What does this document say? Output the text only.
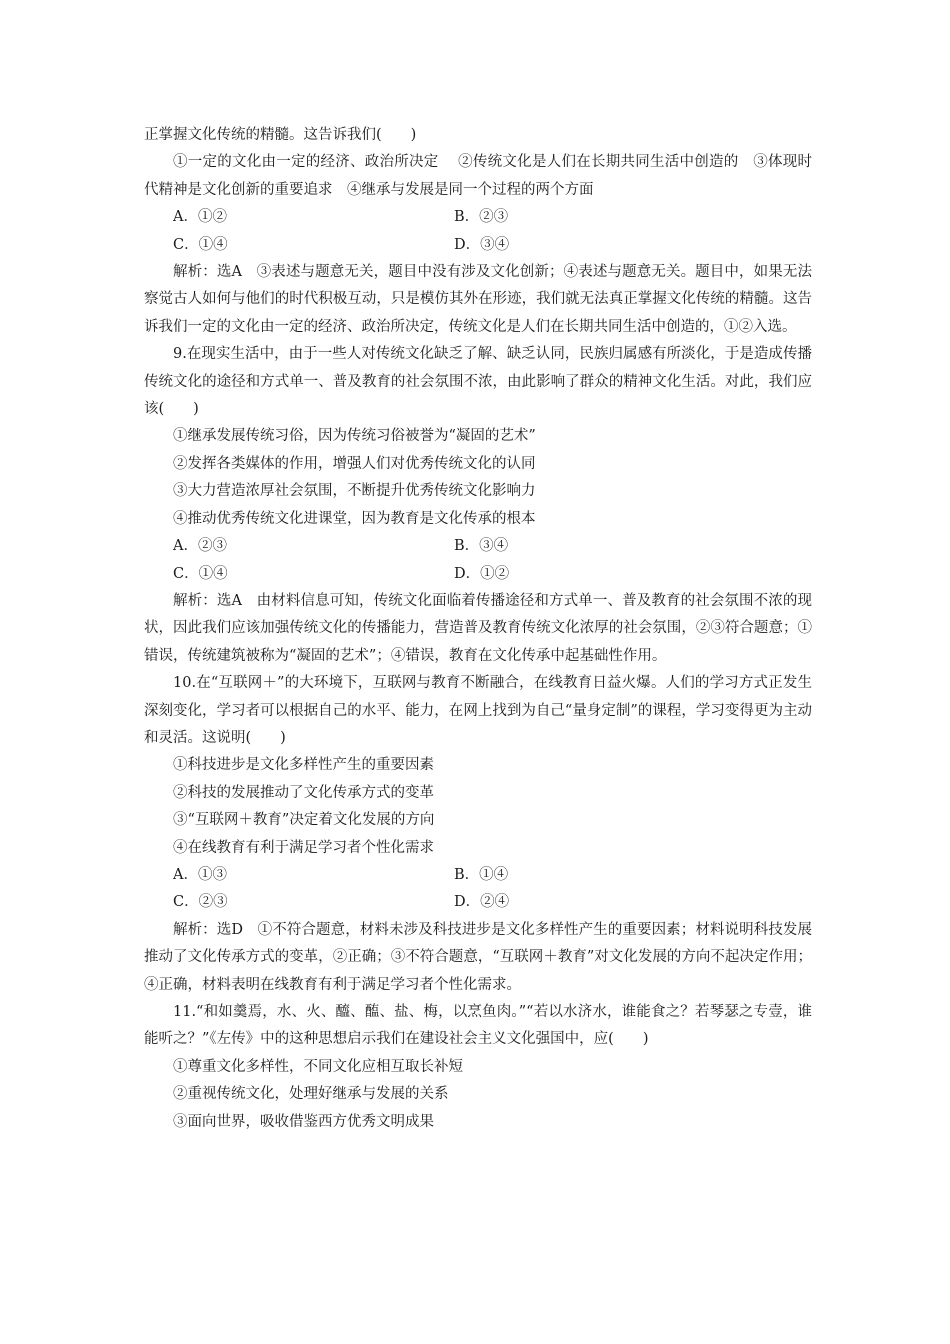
正掌握文化传统的精髓。这告诉我们(　　)

①一定的文化由一定的经济、政治所决定　 ②传统文化是人们在长期共同生活中创造的　③体现时代精神是文化创新的重要追求　④继承与发展是同一个过程的两个方面

A．①②	B．②③
C．①④	D．③④

解析：选A　③表述与题意无关，题目中没有涉及文化创新；④表述与题意无关。题目中，如果无法察觉古人如何与他们的时代积极互动，只是模仿其外在形迹，我们就无法真正掌握文化传统的精髓。这告诉我们一定的文化由一定的经济、政治所决定，传统文化是人们在长期共同生活中创造的，①②入选。

9.在现实生活中，由于一些人对传统文化缺乏了解、缺乏认同，民族归属感有所淡化，于是造成传播传统文化的途径和方式单一、普及教育的社会氛围不浓，由此影响了群众的精神文化生活。对此，我们应该(　　)

①继承发展传统习俗，因为传统习俗被誉为“凝固的艺术”

②发挥各类媒体的作用，增强人们对优秀传统文化的认同

③大力营造浓厚社会氛围，不断提升优秀传统文化影响力

④推动优秀传统文化进课堂，因为教育是文化传承的根本

A．②③	B．③④
C．①④	D．①②

解析：选A　由材料信息可知，传统文化面临着传播途径和方式单一、普及教育的社会氛围不浓的现状，因此我们应该加强传统文化的传播能力，营造普及教育传统文化浓厚的社会氛围，②③符合题意；①错误，传统建筑被称为“凝固的艺术”；④错误，教育在文化传承中起基础性作用。

10.在“互联网＋”的大环境下，互联网与教育不断融合，在线教育日益火爆。人们的学习方式正发生深刻变化，学习者可以根据自己的水平、能力，在网上找到为自己“量身定制”的课程，学习变得更为主动和灵活。这说明(　　)

①科技进步是文化多样性产生的重要因素

②科技的发展推动了文化传承方式的变革

③“互联网＋教育”决定着文化发展的方向

④在线教育有利于满足学习者个性化需求

A．①③	B．①④
C．②③	D．②④

解析：选D　①不符合题意，材料未涉及科技进步是文化多样性产生的重要因素；材料说明科技发展推动了文化传承方式的变革，②正确；③不符合题意，“互联网＋教育”对文化发展的方向不起决定作用；④正确，材料表明在线教育有利于满足学习者个性化需求。

11.“和如羹焉，水、火、醯、醢、盐、梅，以烹鱼肉。”“若以水济水，谁能食之？若琴瑟之专壹，谁能听之？”《左传》中的这种思想启示我们在建设社会主义文化强国中，应(　　)

①尊重文化多样性，不同文化应相互取长补短

②重视传统文化，处理好继承与发展的关系

③面向世界，吸收借鉴西方优秀文明成果
